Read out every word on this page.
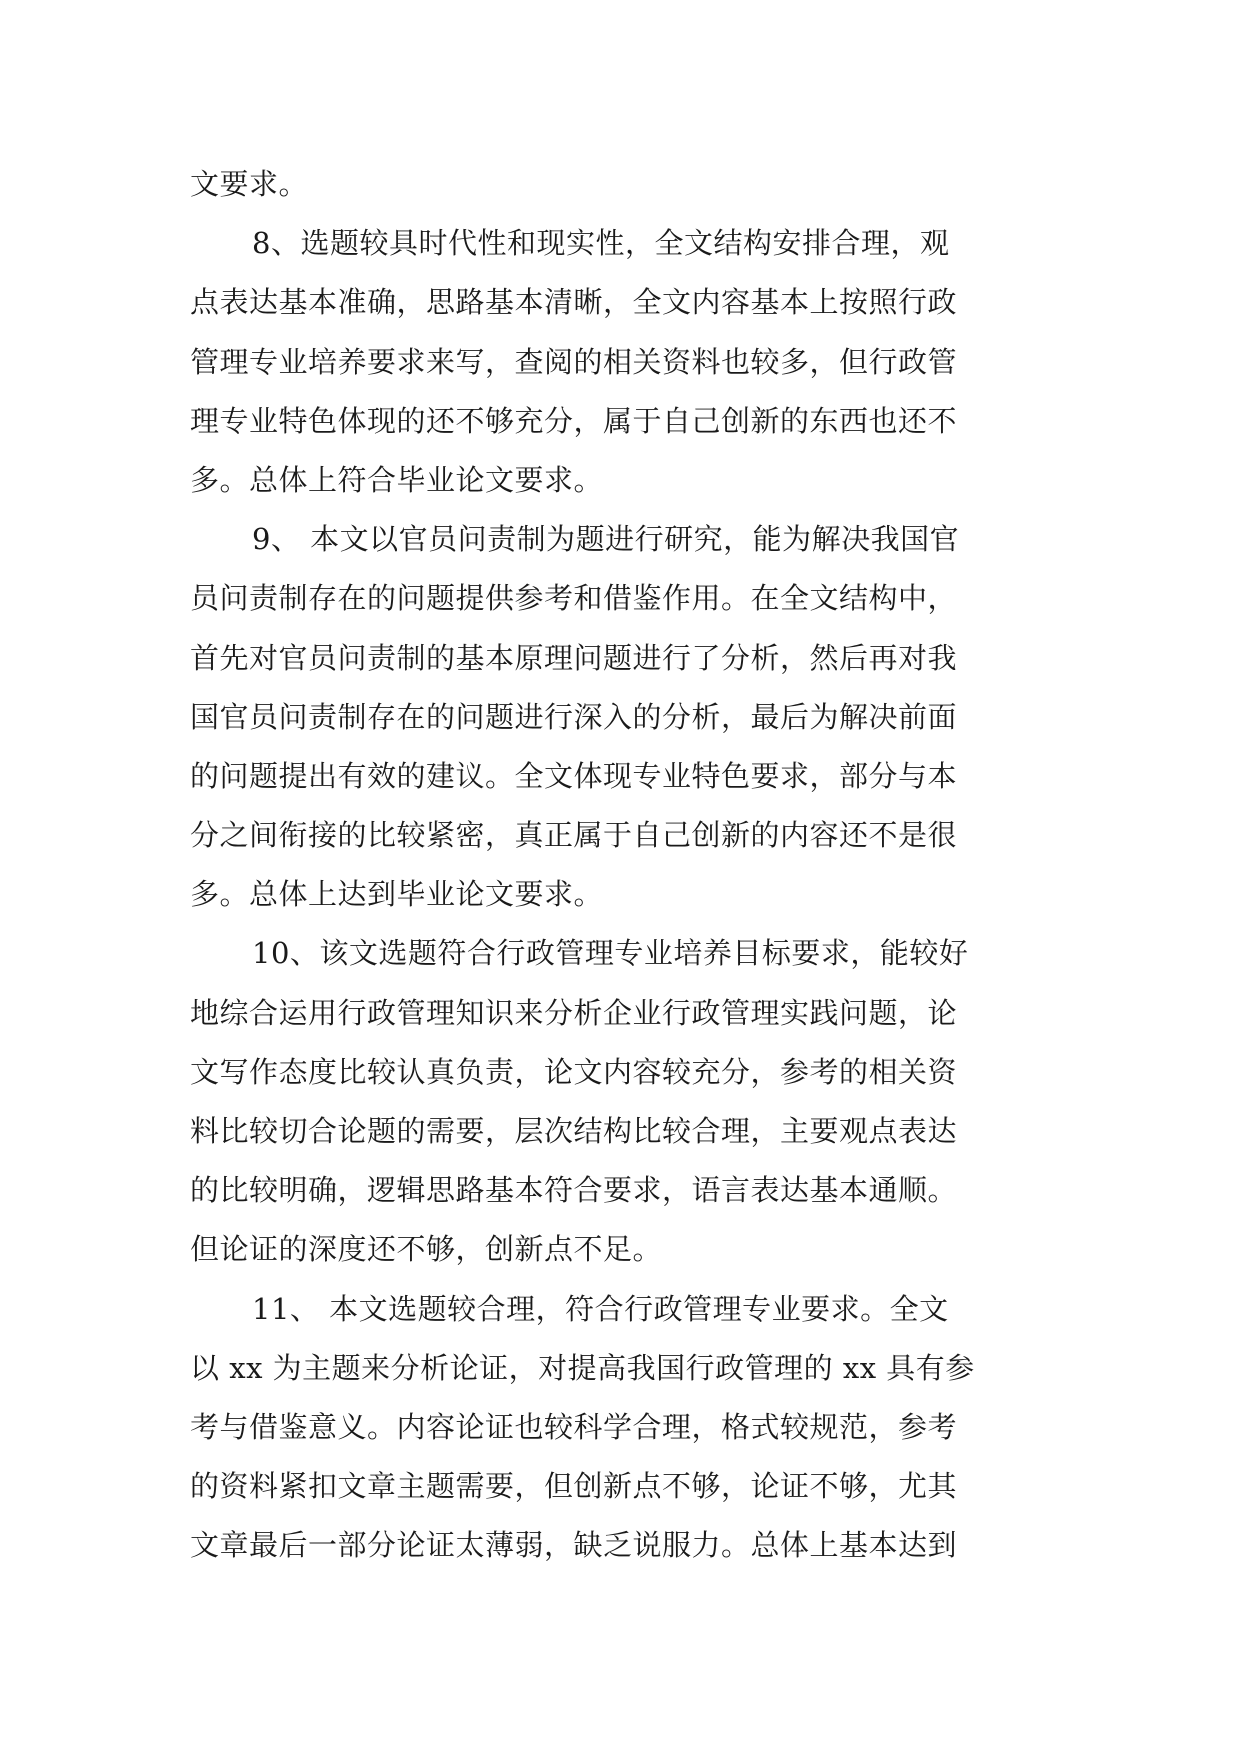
文要求。
8、选题较具时代性和现实性，全文结构安排合理，观
点表达基本准确，思路基本清晰，全文内容基本上按照行政
管理专业培养要求来写，查阅的相关资料也较多，但行政管
理专业特色体现的还不够充分，属于自己创新的东西也还不
多。总体上符合毕业论文要求。
9、 本文以官员问责制为题进行研究，能为解决我国官
员问责制存在的问题提供参考和借鉴作用。在全文结构中，
首先对官员问责制的基本原理问题进行了分析，然后再对我
国官员问责制存在的问题进行深入的分析，最后为解决前面
的问题提出有效的建议。全文体现专业特色要求，部分与本
分之间衔接的比较紧密，真正属于自己创新的内容还不是很
多。总体上达到毕业论文要求。
10、该文选题符合行政管理专业培养目标要求，能较好
地综合运用行政管理知识来分析企业行政管理实践问题，论
文写作态度比较认真负责，论文内容较充分，参考的相关资
料比较切合论题的需要，层次结构比较合理，主要观点表达
的比较明确，逻辑思路基本符合要求，语言表达基本通顺。
但论证的深度还不够，创新点不足。
11、 本文选题较合理，符合行政管理专业要求。全文
以 xx 为主题来分析论证，对提高我国行政管理的 xx 具有参
考与借鉴意义。内容论证也较科学合理，格式较规范，参考
的资料紧扣文章主题需要，但创新点不够，论证不够，尤其
文章最后一部分论证太薄弱，缺乏说服力。总体上基本达到
